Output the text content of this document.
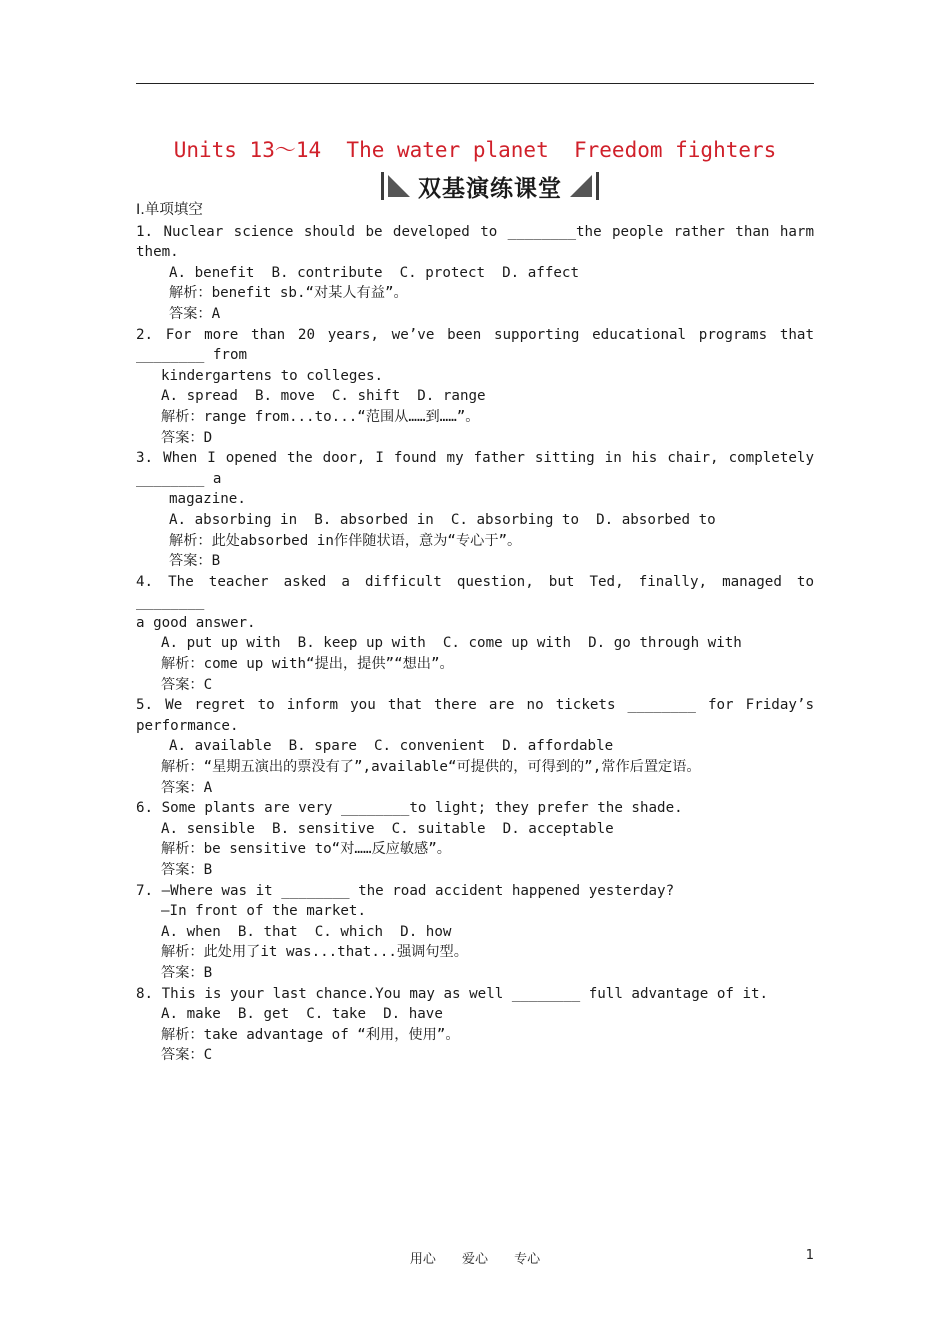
Units 13～14  The water planet  Freedom fighters
双基演练课堂
Ⅰ.单项填空
1. Nuclear science should be developed to ________the people rather than harm
them.
A. benefit  B. contribute  C. protect  D. affect
解析：benefit sb.“对某人有益”。
答案：A
2. For more than 20 years, we’ve been supporting educational programs that
________ from
kindergartens to colleges.
A. spread  B. move  C. shift  D. range
解析：range from...to...“范围从……到……”。
答案：D
3. When I opened the door, I found my father sitting in his chair, completely
________ a
magazine.
A. absorbing in  B. absorbed in  C. absorbing to  D. absorbed to
解析：此处absorbed in作伴随状语，意为“专心于”。
答案：B
4. The teacher asked a difficult question, but Ted, finally, managed to ________
a good answer.
A. put up with  B. keep up with  C. come up with  D. go through with
解析：come up with“提出，提供”“想出”。
答案：C
5. We regret to inform you that there are no tickets ________ for Friday’s
performance.
A. available  B. spare  C. convenient  D. affordable
解析：“星期五演出的票没有了”,available“可提供的，可得到的”,常作后置定语。
答案：A
6. Some plants are very ________to light; they prefer the shade.
A. sensible  B. sensitive  C. suitable  D. acceptable
解析：be sensitive to“对……反应敏感”。
答案：B
7. —Where was it ________ the road accident happened yesterday?
—In front of the market.
A. when  B. that  C. which  D. how
解析：此处用了it was...that...强调句型。
答案：B
8. This is your last chance.You may as well ________ full advantage of it.
A. make  B. get  C. take  D. have
解析：take advantage of “利用，使用”。
答案：C
用心 爱心 专心	1
